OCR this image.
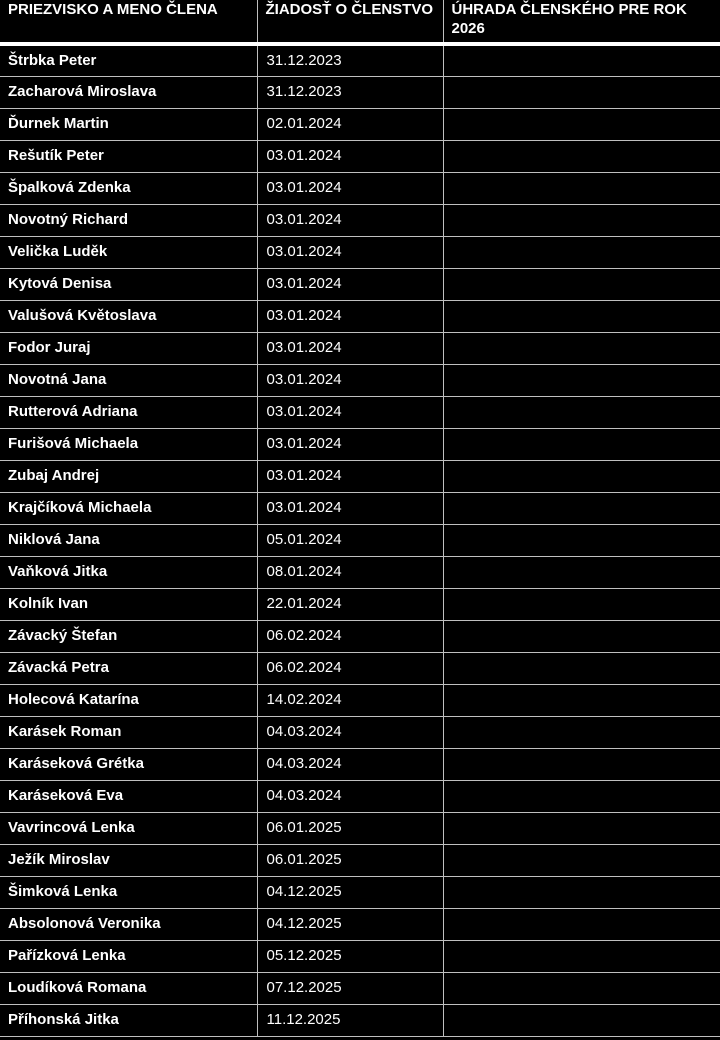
PRIEZVISKO A MENO ČLENA	ŽIADOSŤ O ČLENSTVO	ÚHRADA ČLENSKÉHO PRE ROK 2026
Štrbka Peter	31.12.2023	
Zacharová Miroslava	31.12.2023	
Ďurnek Martin	02.01.2024	
Rešutík Peter	03.01.2024	
Špalková Zdenka	03.01.2024	
Novotný Richard	03.01.2024	
Velička Luděk	03.01.2024	
Kytová Denisa	03.01.2024	
Valušová Květoslava	03.01.2024	
Fodor Juraj	03.01.2024	
Novotná Jana	03.01.2024	
Rutterová Adriana	03.01.2024	
Furišová Michaela	03.01.2024	
Zubaj Andrej	03.01.2024	
Krajčíková Michaela	03.01.2024	
Niklová Jana	05.01.2024	
Vaňková Jitka	08.01.2024	
Kolník Ivan	22.01.2024	
Závacký Štefan	06.02.2024	
Závacká Petra	06.02.2024	
Holecová Katarína	14.02.2024	
Karásek Roman	04.03.2024	
Karáseková Grétka	04.03.2024	
Karáseková Eva	04.03.2024	
Vavrincová Lenka	06.01.2025	
Ježík Miroslav	06.01.2025	
Šimková Lenka	04.12.2025	
Absolonová Veronika	04.12.2025	
Pařízková Lenka	05.12.2025	
Loudíková Romana	07.12.2025	
Příhonská Jitka	11.12.2025	
